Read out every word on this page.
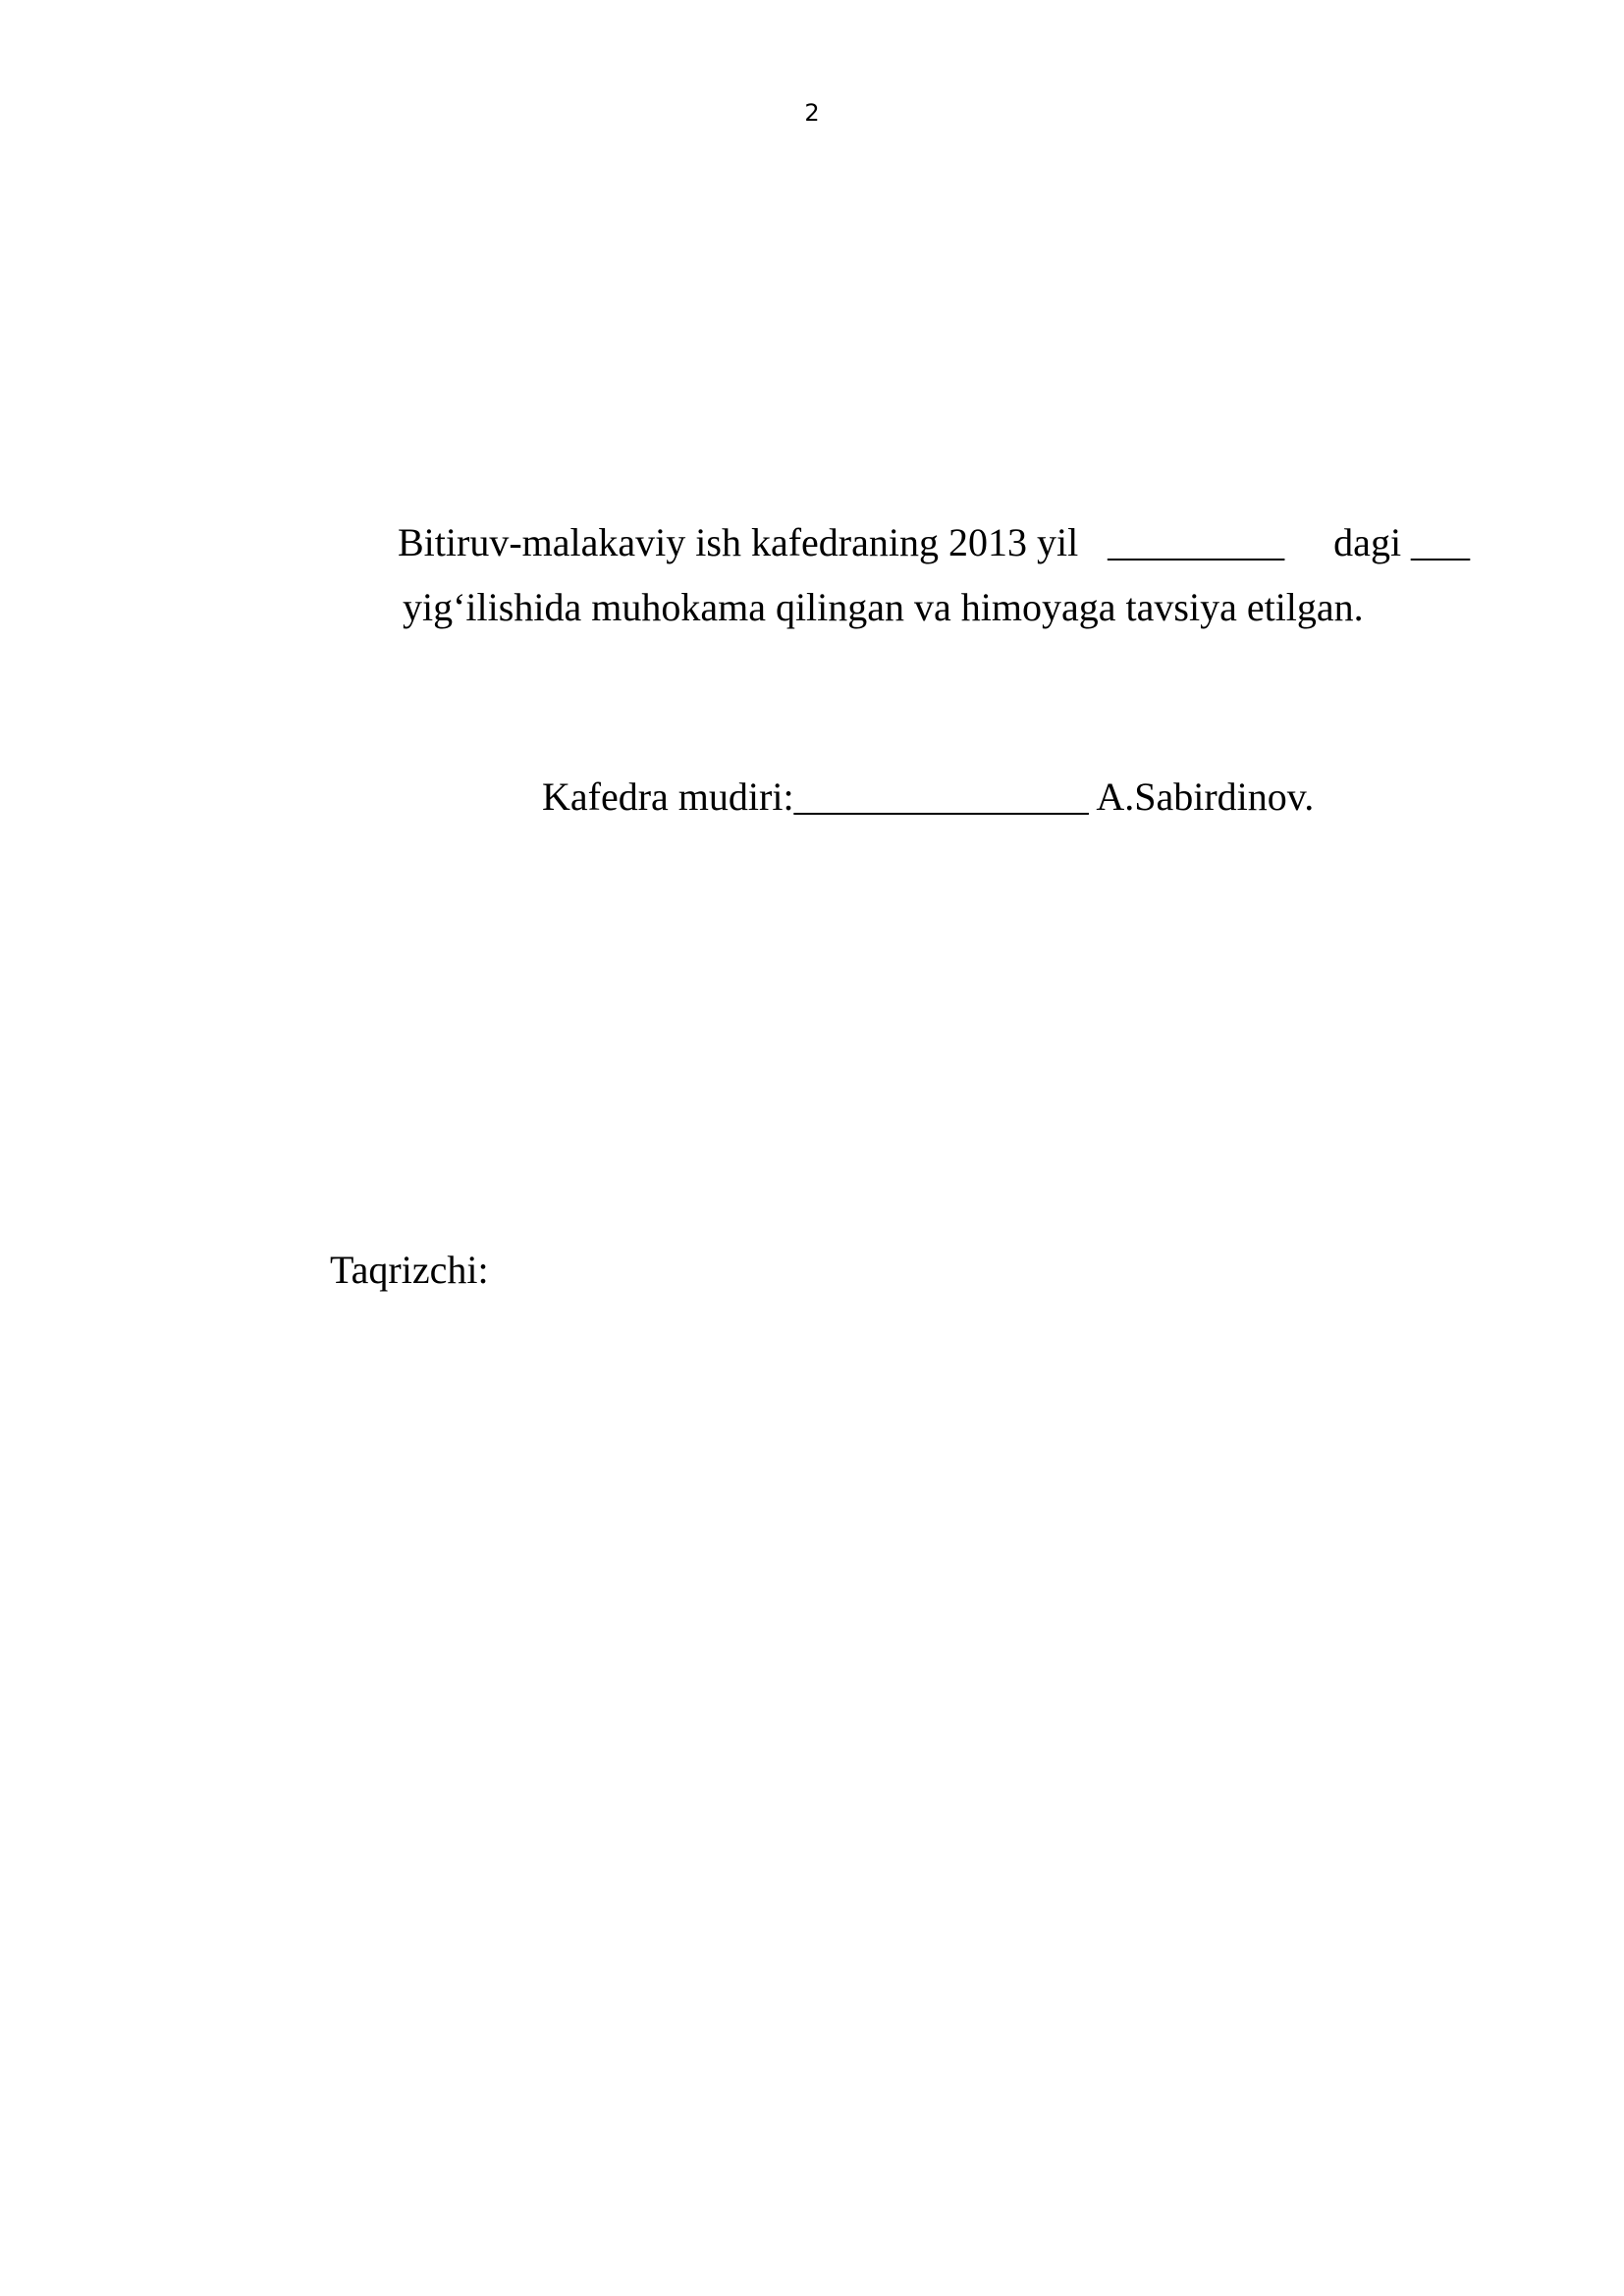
2
Bitiruv-malakaviy ish kafedraning 2013 yil   _________     dagi ___
yig‘ilishida muhokama qilingan va himoyaga tavsiya etilgan.
Kafedra mudiri:_______________ A.Sabirdinov.
Taqrizchi:
